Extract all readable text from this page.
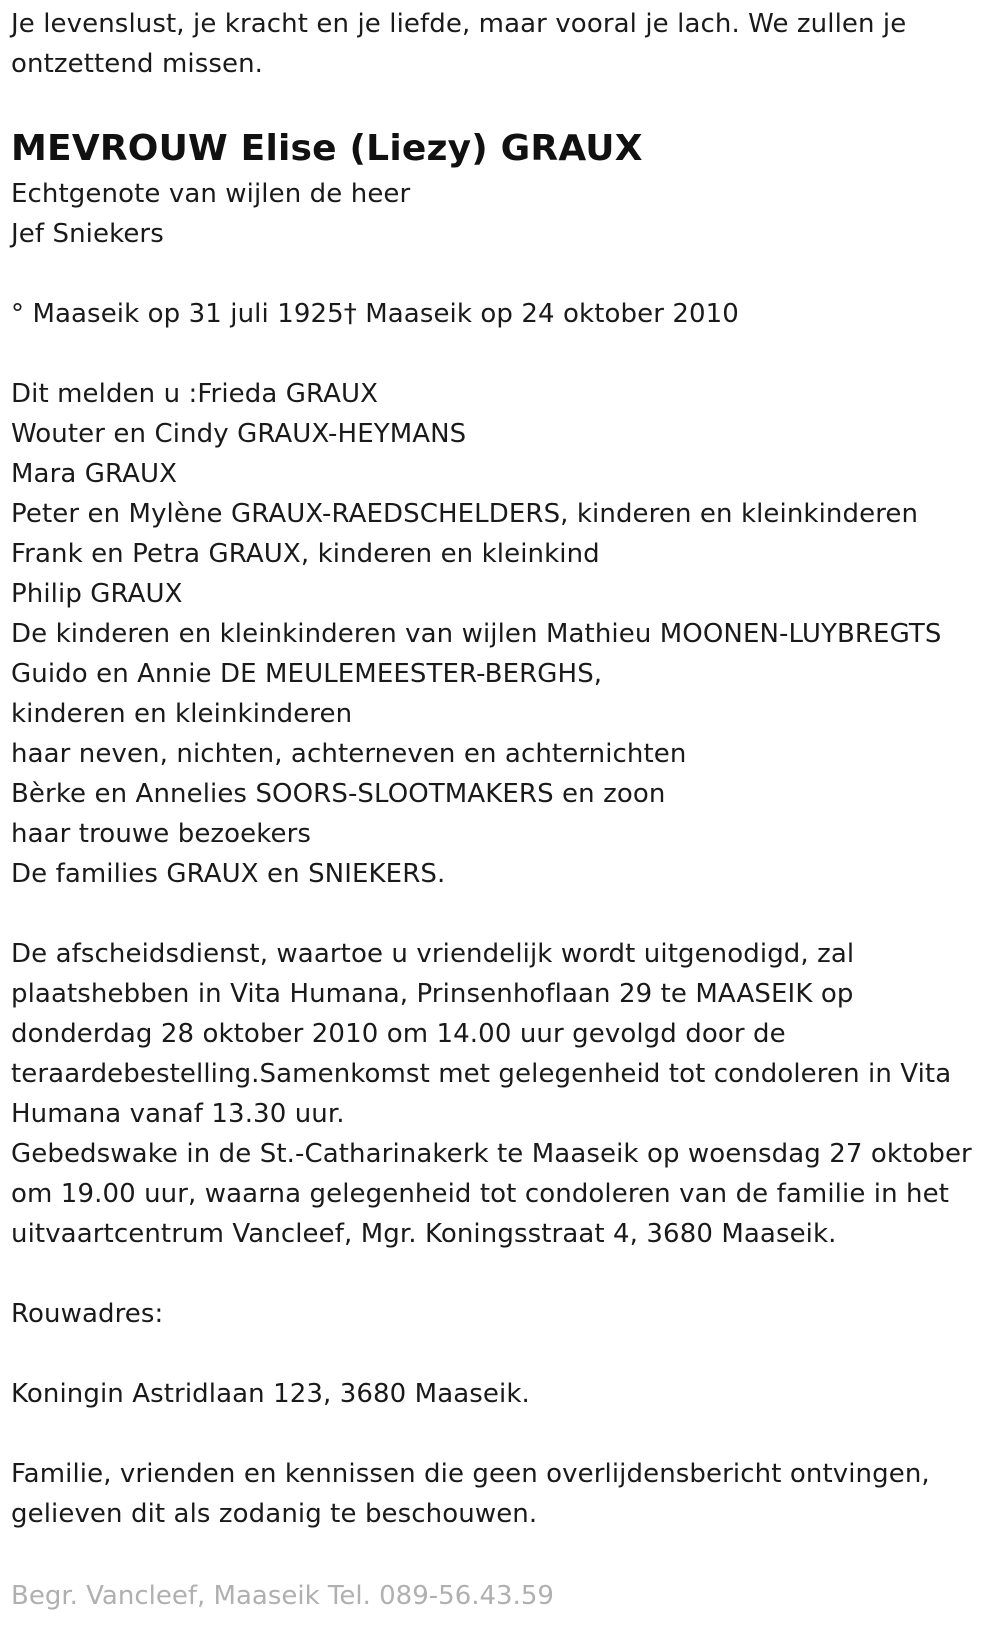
Je levenslust, je kracht en je liefde, maar vooral je lach. We zullen je
ontzettend missen.

MEVROUW Elise (Liezy) GRAUX

Echtgenote van wijlen de heer
Jef Sniekers

° Maaseik op 31 juli 1925† Maaseik op 24 oktober 2010

Dit melden u :Frieda GRAUX
Wouter en Cindy GRAUX-HEYMANS
Mara GRAUX
Peter en Mylène GRAUX-RAEDSCHELDERS, kinderen en kleinkinderen
Frank en Petra GRAUX, kinderen en kleinkind
Philip GRAUX
De kinderen en kleinkinderen van wijlen Mathieu MOONEN-LUYBREGTS
Guido en Annie DE MEULEMEESTER-BERGHS,
kinderen en kleinkinderen
haar neven, nichten, achterneven en achternichten
Bèrke en Annelies SOORS-SLOOTMAKERS en zoon
haar trouwe bezoekers
De families GRAUX en SNIEKERS.

De afscheidsdienst, waartoe u vriendelijk wordt uitgenodigd, zal
plaatshebben in Vita Humana, Prinsenhoflaan 29 te MAASEIK op
donderdag 28 oktober 2010 om 14.00 uur gevolgd door de
teraardebestelling.Samenkomst met gelegenheid tot condoleren in Vita
Humana vanaf 13.30 uur.
Gebedswake in de St.-Catharinakerk te Maaseik op woensdag 27 oktober
om 19.00 uur, waarna gelegenheid tot condoleren van de familie in het
uitvaartcentrum Vancleef, Mgr. Koningsstraat 4, 3680 Maaseik.

Rouwadres:

Koningin Astridlaan 123, 3680 Maaseik.

Familie, vrienden en kennissen die geen overlijdensbericht ontvingen,
gelieven dit als zodanig te beschouwen.

Begr. Vancleef, Maaseik Tel. 089-56.43.59
